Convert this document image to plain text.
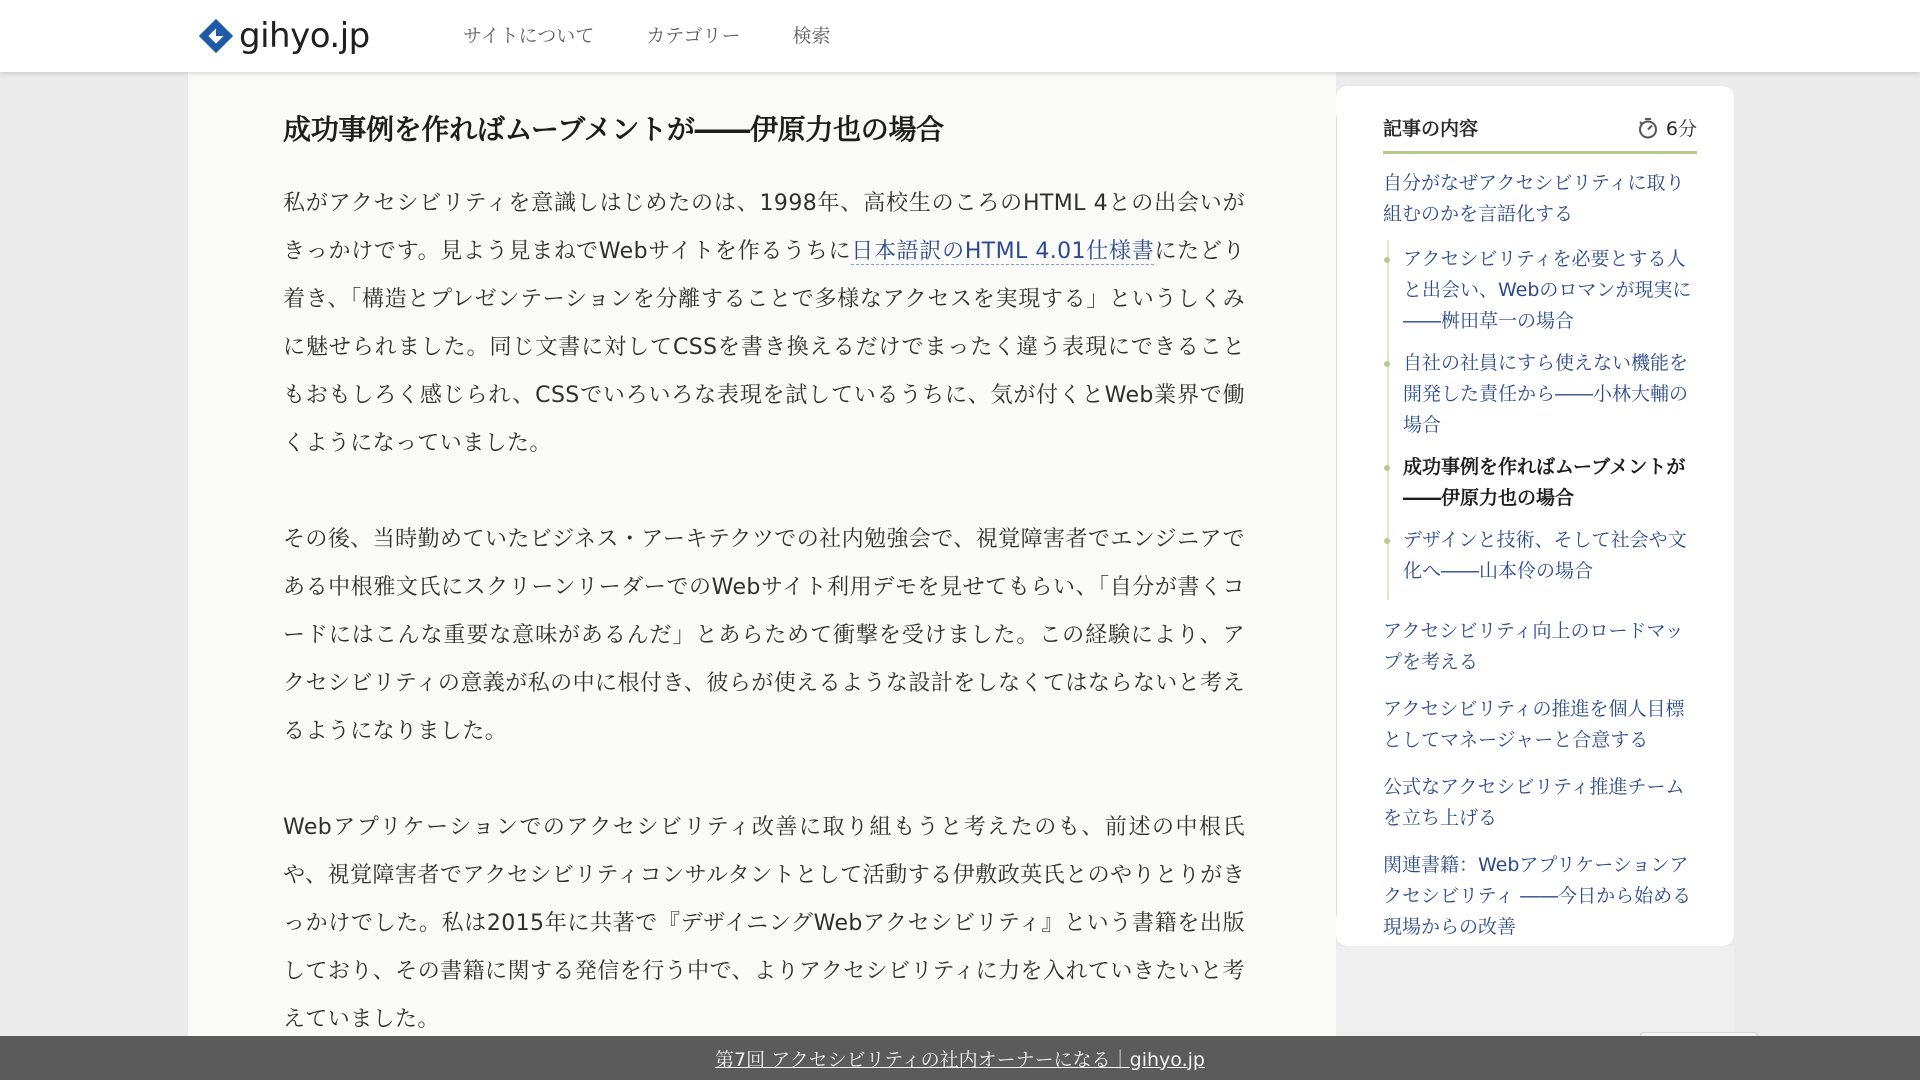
gihyo.jp	サイトについて	カテゴリー	検索
成功事例を作ればムーブメントが――伊原力也の場合

私がアクセシビリティを意識しはじめたのは、1998年、高校生のころのHTML 4との出会いがきっかけです。見よう見まねでWebサイトを作るうちに日本語訳のHTML 4.01仕様書にたどり着き、「構造とプレゼンテーションを分離することで多様なアクセスを実現する」というしくみに魅せられました。同じ文書に対してCSSを書き換えるだけでまったく違う表現にできることもおもしろく感じられ、CSSでいろいろな表現を試しているうちに、気が付くとWeb業界で働くようになっていました。

その後、当時勤めていたビジネス・アーキテクツでの社内勉強会で、視覚障害者でエンジニアである中根雅文氏にスクリーンリーダーでのWebサイト利用デモを見せてもらい、「自分が書くコードにはこんな重要な意味があるんだ」とあらためて衝撃を受けました。この経験により、アクセシビリティの意義が私の中に根付き、彼らが使えるような設計をしなくてはならないと考えるようになりました。

Webアプリケーションでのアクセシビリティ改善に取り組もうと考えたのも、前述の中根氏や、視覚障害者でアクセシビリティコンサルタントとして活動する伊敷政英氏とのやりとりがきっかけでした。私は2015年に共著で『デザイニングWebアクセシビリティ』という書籍を出版しており、その書籍に関する発信を行う中で、よりアクセシビリティに力を入れていきたいと考えていました。

記事の内容	6分
自分がなぜアクセシビリティに取り組むのかを言語化する
アクセシビリティを必要とする人と出会い、Webのロマンが現実に――桝田草一の場合
自社の社員にすら使えない機能を開発した責任から――小林大輔の場合
成功事例を作ればムーブメントが――伊原力也の場合
デザインと技術、そして社会や文化へ――山本伶の場合
アクセシビリティ向上のロードマップを考える
アクセシビリティの推進を個人目標としてマネージャーと合意する
公式なアクセシビリティ推進チームを立ち上げる
関連書籍：Webアプリケーションアクセシビリティ ――今日から始める現場からの改善
第7回 アクセシビリティの社内オーナーになる｜gihyo.jp
